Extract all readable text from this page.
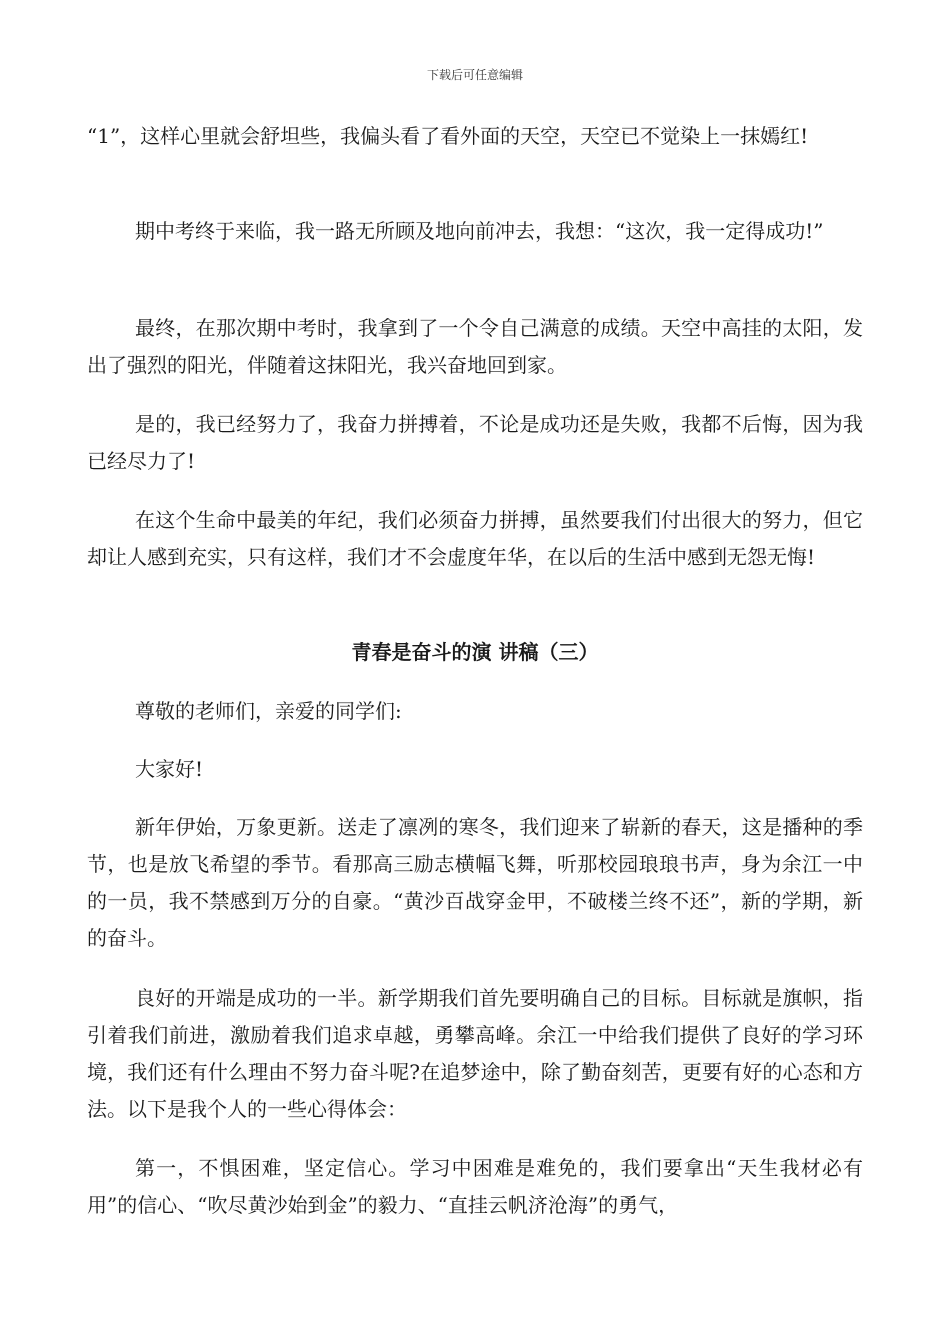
下载后可任意编辑

“1”，这样心里就会舒坦些，我偏头看了看外面的天空，天空已不觉染上一抹嫣红!

期中考终于来临，我一路无所顾及地向前冲去，我想：“这次，我一定得成功!”

最终，在那次期中考时，我拿到了一个令自己满意的成绩。天空中高挂的太阳，发出了强烈的阳光，伴随着这抹阳光，我兴奋地回到家。

是的，我已经努力了，我奋力拼搏着，不论是成功还是失败，我都不后悔，因为我已经尽力了!

在这个生命中最美的年纪，我们必须奋力拼搏，虽然要我们付出很大的努力，但它却让人感到充实，只有这样，我们才不会虚度年华，在以后的生活中感到无怨无悔!

青春是奋斗的演 讲稿（三）

尊敬的老师们，亲爱的同学们:

大家好!

新年伊始，万象更新。送走了凛冽的寒冬，我们迎来了崭新的春天，这是播种的季节，也是放飞希望的季节。看那高三励志横幅飞舞，听那校园琅琅书声，身为余江一中的一员，我不禁感到万分的自豪。“黄沙百战穿金甲，不破楼兰终不还”，新的学期，新的奋斗。

良好的开端是成功的一半。新学期我们首先要明确自己的目标。目标就是旗帜，指引着我们前进，激励着我们追求卓越，勇攀高峰。余江一中给我们提供了良好的学习环境，我们还有什么理由不努力奋斗呢?在追梦途中，除了勤奋刻苦，更要有好的心态和方法。以下是我个人的一些心得体会：

第一，不惧困难，坚定信心。学习中困难是难免的，我们要拿出“天生我材必有用”的信心、“吹尽黄沙始到金”的毅力、“直挂云帆济沧海”的勇气，
